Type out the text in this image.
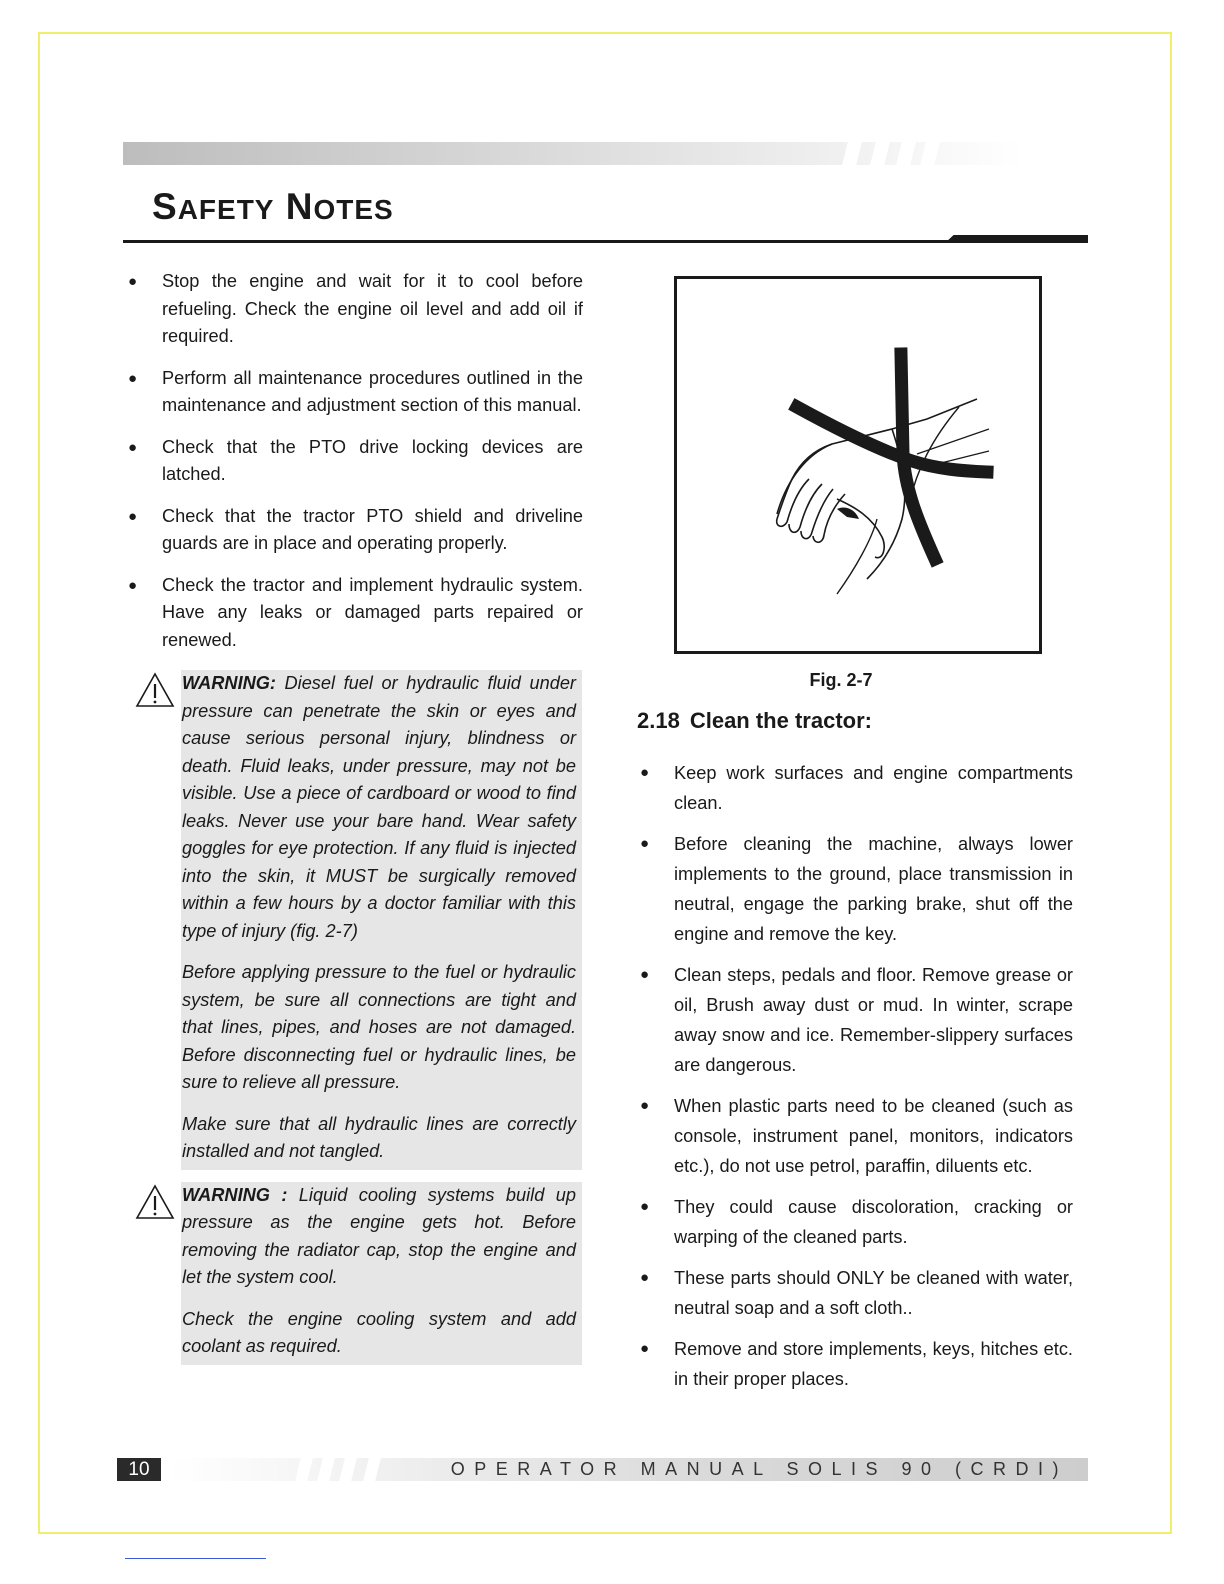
SAFETY NOTES
● Stop the engine and wait for it to cool before refueling. Check the engine oil level and add oil if required.
● Perform all maintenance procedures outlined in the maintenance and adjustment section of this manual.
● Check that the PTO drive locking devices are latched.
● Check that the tractor PTO shield and driveline guards are in place and operating properly.
● Check the tractor and implement hydraulic system. Have any leaks or damaged parts repaired or renewed.

WARNING: Diesel fuel or hydraulic fluid under pressure can penetrate the skin or eyes and cause serious personal injury, blindness or death. Fluid leaks, under pressure, may not be visible. Use a piece of cardboard or wood to find leaks. Never use your bare hand. Wear safety goggles for eye protection. If any fluid is injected into the skin, it MUST be surgically removed within a few hours by a doctor familiar with this type of injury (fig. 2-7)

Before applying pressure to the fuel or hydraulic system, be sure all connections are tight and that lines, pipes, and hoses are not damaged. Before disconnecting fuel or hydraulic lines, be sure to relieve all pressure.

Make sure that all hydraulic lines are correctly installed and not tangled.

WARNING : Liquid cooling systems build up pressure as the engine gets hot. Before removing the radiator cap, stop the engine and let the system cool.

Check the engine cooling system and add coolant as required.

Fig. 2-7
2.18 Clean the tractor:
● Keep work surfaces and engine compartments clean.
● Before cleaning the machine, always lower implements to the ground, place transmission in neutral, engage the parking brake, shut off the engine and remove the key.
● Clean steps, pedals and floor. Remove grease or oil, Brush away dust or mud. In winter, scrape away snow and ice. Remember-slippery surfaces are dangerous.
● When plastic parts need to be cleaned (such as console, instrument panel, monitors, indicators etc.), do not use petrol, paraffin, diluents etc.
● They could cause discoloration, cracking or warping of the cleaned parts.
● These parts should ONLY be cleaned with water, neutral soap and a soft cloth..
● Remove and store implements, keys, hitches etc. in their proper places.
10	OPERATOR MANUAL SOLIS 90 (CRDI)
